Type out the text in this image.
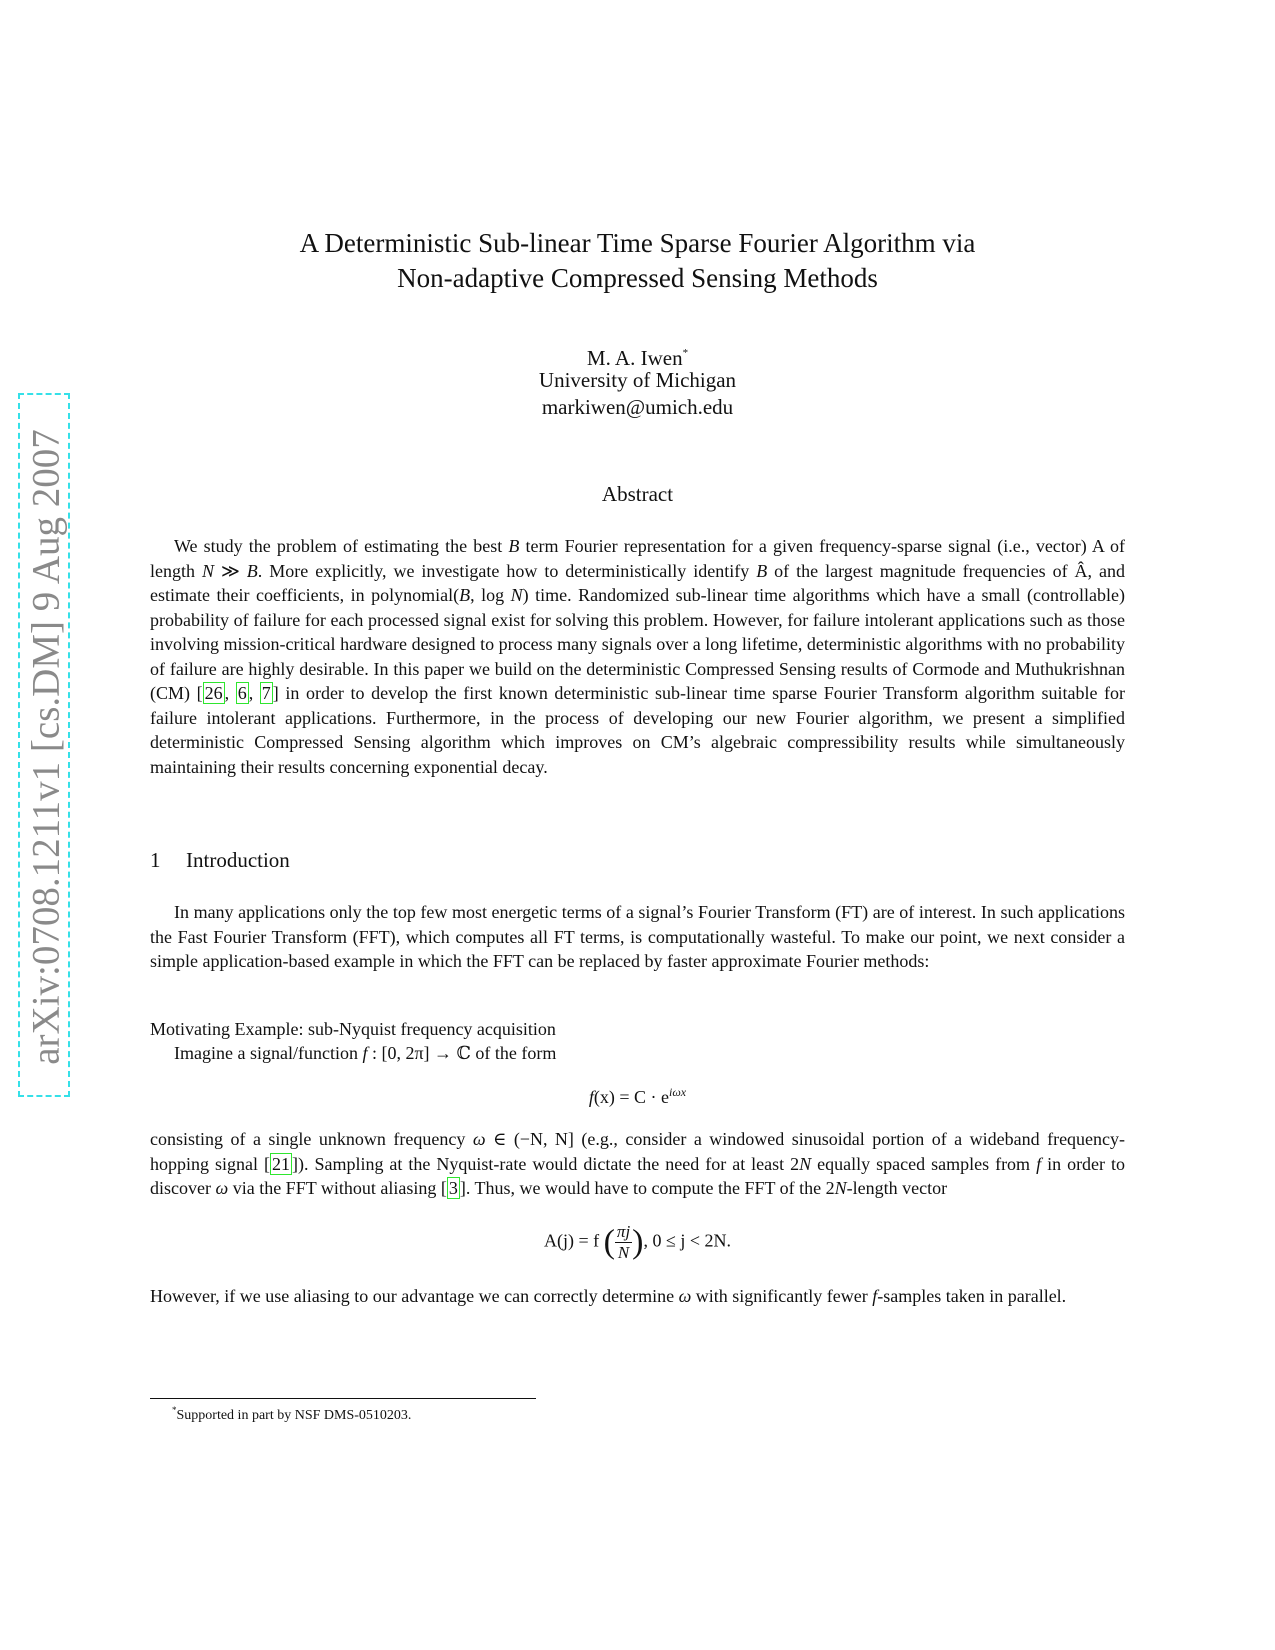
arXiv:0708.1211v1 [cs.DM] 9 Aug 2007
A Deterministic Sub-linear Time Sparse Fourier Algorithm via
Non-adaptive Compressed Sensing Methods
M. A. Iwen*
University of Michigan
markiwen@umich.edu
Abstract
We study the problem of estimating the best B term Fourier representation for a given frequency-sparse signal (i.e., vector) A of length N ≫ B. More explicitly, we investigate how to deterministically identify B of the largest magnitude frequencies of Â, and estimate their coefficients, in polynomial(B, log N) time. Randomized sub-linear time algorithms which have a small (controllable) probability of failure for each processed signal exist for solving this problem. However, for failure intolerant applications such as those involving mission-critical hardware designed to process many signals over a long lifetime, deterministic algorithms with no probability of failure are highly desirable. In this paper we build on the deterministic Compressed Sensing results of Cormode and Muthukrishnan (CM) [ 26 , 6 , 7 ] in order to develop the first known deterministic sub-linear time sparse Fourier Transform algorithm suitable for failure intolerant applications. Furthermore, in the process of developing our new Fourier algorithm, we present a simplified deterministic Compressed Sensing algorithm which improves on CM’s algebraic compressibility results while simultaneously maintaining their results concerning exponential decay.
1 Introduction
In many applications only the top few most energetic terms of a signal’s Fourier Transform (FT) are of interest. In such applications the Fast Fourier Transform (FFT), which computes all FT terms, is computationally wasteful. To make our point, we next consider a simple application-based example in which the FFT can be replaced by faster approximate Fourier methods:
Motivating Example: sub-Nyquist frequency acquisition
Imagine a signal/function f : [0, 2π] → ℂ of the form
$f(x) = C \cdot e^{i\omega x}$
consisting of a single unknown frequency ω ∈ (−N, N] (e.g., consider a windowed sinusoidal portion of a wideband frequency-hopping signal [ 21 ]). Sampling at the Nyquist-rate would dictate the need for at least 2N equally spaced samples from f in order to discover ω via the FFT without aliasing [ 3 ]. Thus, we would have to compute the FFT of the 2N-length vector
A(j) = f ( $\frac{\pi j}{N}$ ), 0 ≤ j < 2N.
However, if we use aliasing to our advantage we can correctly determine ω with significantly fewer f-samples taken in parallel.
*Supported in part by NSF DMS-0510203.
